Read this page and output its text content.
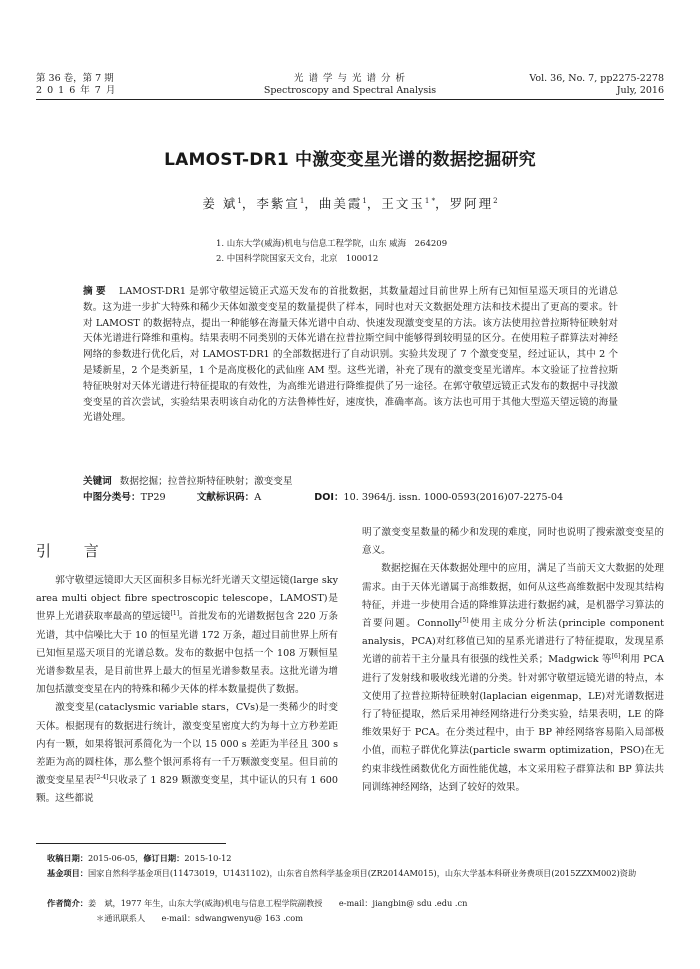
第 36 卷，第 7 期
2 0 1 6 年 7 月
光 谱 学 与 光 谱 分 析
Spectroscopy and Spectral Analysis
Vol. 36, No. 7, pp2275-2278
July, 2016
LAMOST-DR1 中激变变星光谱的数据挖掘研究
姜 斌$^1$，李紫宣$^1$，曲美霞$^1$，王文玉$^{1 *}$，罗阿理$^2$
1. 山东大学(威海)机电与信息工程学院，山东 威海　264209
2. 中国科学院国家天文台，北京　100012
摘要 LAMOST-DR1 是郭守敬望远镜正式巡天发布的首批数据，其数量超过目前世界上所有已知恒星巡天项目的光谱总数。这为进一步扩大特殊和稀少天体如激变变星的数量提供了样本，同时也对天文数据处理方法和技术提出了更高的要求。针对 LAMOST 的数据特点，提出一种能够在海量天体光谱中自动、快速发现激变变星的方法。该方法使用拉普拉斯特征映射对天体光谱进行降维和重构。结果表明不同类别的天体光谱在拉普拉斯空间中能够得到较明显的区分。在使用粒子群算法对神经网络的参数进行优化后，对 LAMOST-DR1 的全部数据进行了自动识别。实验共发现了 7 个激变变星，经过证认，其中 2 个是矮新星，2 个是类新星，1 个是高度极化的武仙座 AM 型。这些光谱，补充了现有的激变变星光谱库。本文验证了拉普拉斯特征映射对天体光谱进行特征提取的有效性，为高维光谱进行降维提供了另一途径。在郭守敬望远镜正式发布的数据中寻找激变变星的首次尝试，实验结果表明该自动化的方法鲁棒性好，速度快，准确率高。该方法也可用于其他大型巡天望远镜的海量光谱处理。
关键词 数据挖掘；拉普拉斯特征映射；激变变星
中图分类号：TP29	文献标识码：A	DOI：10. 3964/j. issn. 1000-0593(2016)07-2275-04
引 言

郭守敬望远镜即大天区面积多目标光纤光谱天文望远镜(large sky area multi object fibre spectroscopic telescope，LAMOST)是世界上光谱获取率最高的望远镜[1]。首批发布的光谱数据包含 220 万条光谱，其中信噪比大于 10 的恒星光谱 172 万条，超过目前世界上所有已知恒星巡天项目的光谱总数。发布的数据中包括一个 108 万颗恒星光谱参数星表，是目前世界上最大的恒星光谱参数星表。这批光谱为增加包括激变变星在内的特殊和稀少天体的样本数量提供了数据。

激变变星(cataclysmic variable stars，CVs)是一类稀少的时变天体。根据现有的数据进行统计，激变变星密度大约为每十立方秒差距内有一颗，如果将银河系简化为一个以 15 000 s 差距为半径且 300 s 差距为高的圆柱体，那么整个银河系将有一千万颗激变变星。但目前的激变变星星表[2-4]只收录了 1 829 颗激变变星，其中证认的只有 1 600 颗。这些都说

明了激变变星数量的稀少和发现的难度，同时也说明了搜索激变变星的意义。

数据挖掘在天体数据处理中的应用，满足了当前天文大数据的处理需求。由于天体光谱属于高维数据，如何从这些高维数据中发现其结构特征，并进一步使用合适的降维算法进行数据约减，是机器学习算法的首要问题。Connolly[5]使用主成分分析法(principle component analysis，PCA)对红移值已知的星系光谱进行了特征提取，发现星系光谱的前若干主分量具有很强的线性关系；Madgwick 等[6]利用 PCA 进行了发射线和吸收线光谱的分类。针对郭守敬望远镜光谱的特点，本文使用了拉普拉斯特征映射(laplacian eigenmap，LE)对光谱数据进行了特征提取，然后采用神经网络进行分类实验，结果表明，LE 的降维效果好于 PCA。在分类过程中，由于 BP 神经网络容易陷入局部极小值，而粒子群优化算法(particle swarm optimization，PSO)在无约束非线性函数优化方面性能优越，本文采用粒子群算法和 BP 算法共同训练神经网络，达到了较好的效果。

收稿日期：2015-06-05，修订日期：2015-10-12
基金项目：国家自然科学基金项目(11473019，U1431102)，山东省自然科学基金项目(ZR2014AM015)，山东大学基本科研业务费项目(2015ZZXM002)资助
作者简介：姜　斌，1977 年生，山东大学(威海)机电与信息工程学院副教授　　e-mail：jiangbin@ sdu .edu .cn
＊通讯联系人　　e-mail：sdwangwenyu@ 163 .com
